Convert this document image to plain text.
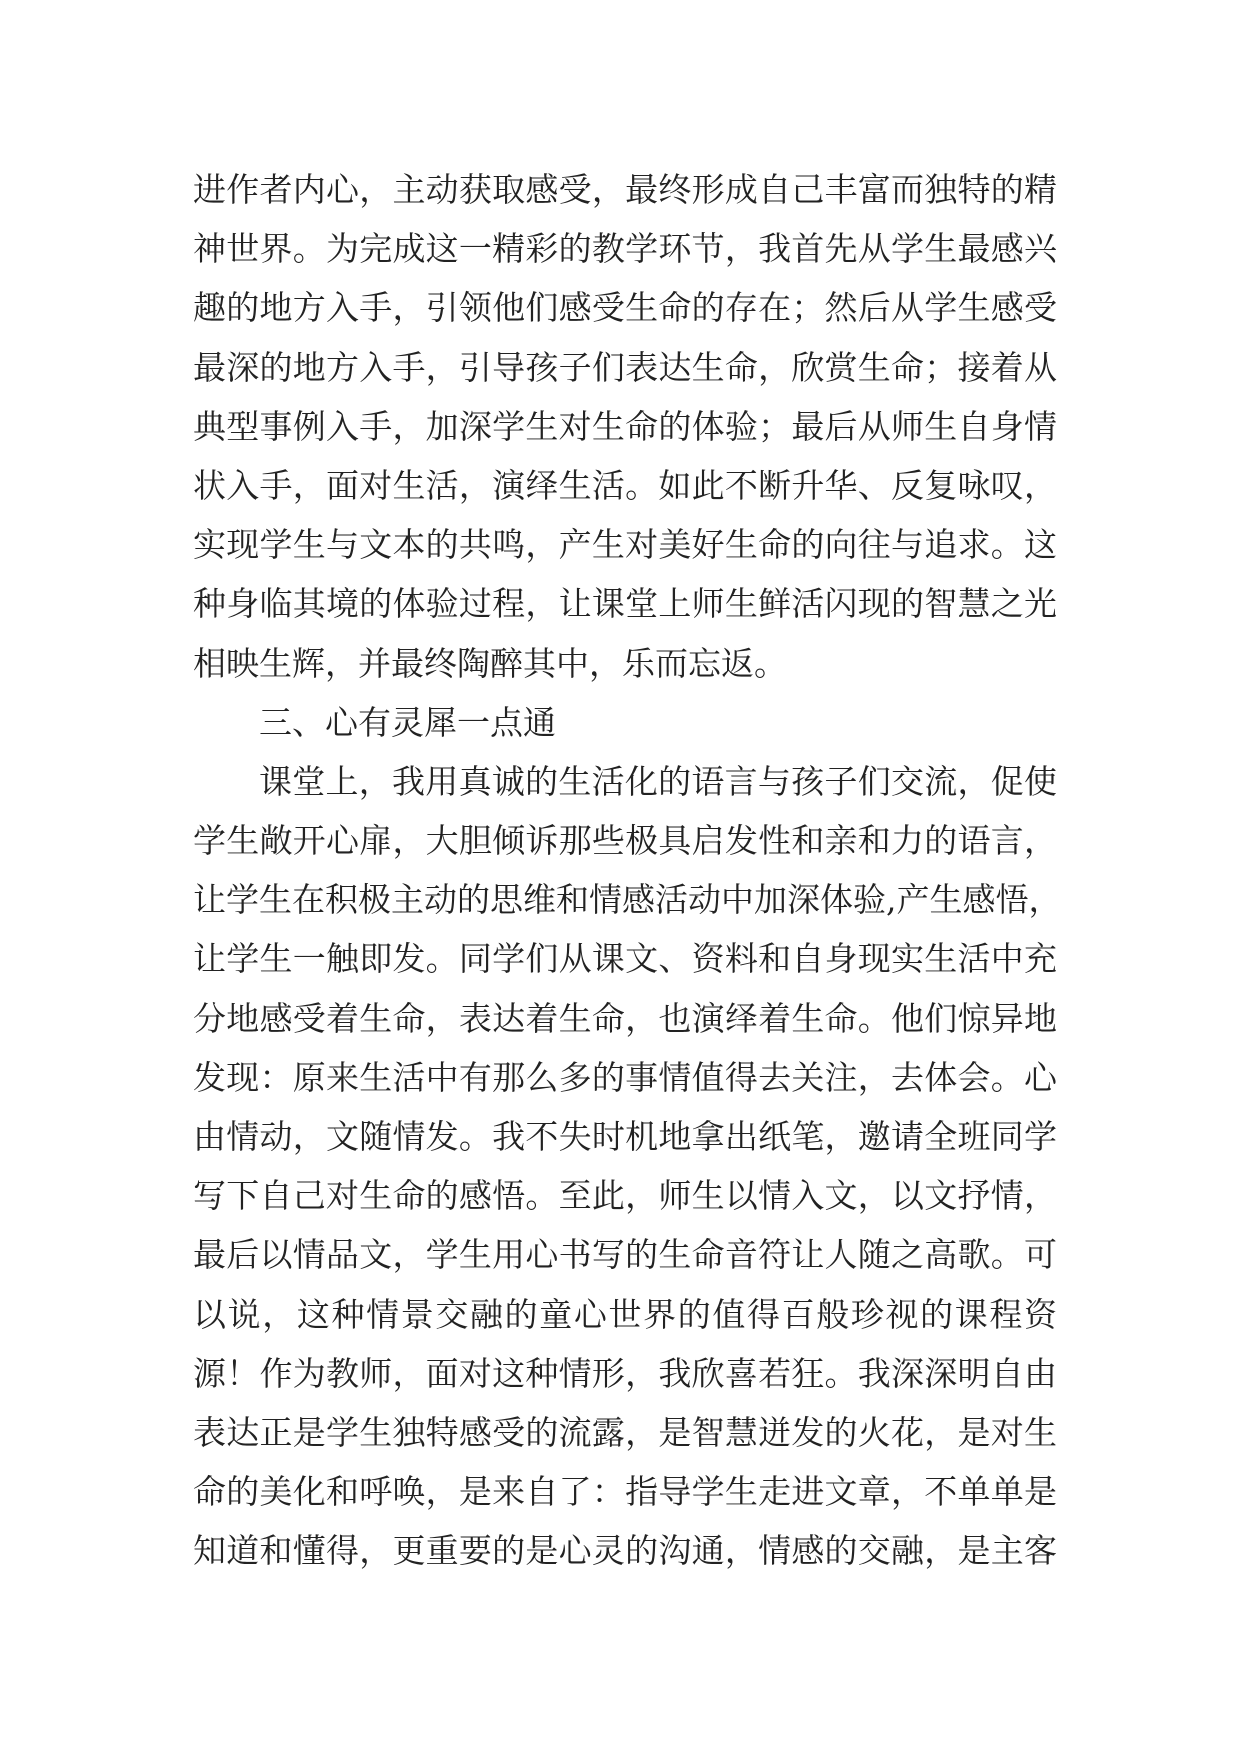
进作者内心，主动获取感受，最终形成自己丰富而独特的精
神世界。为完成这一精彩的教学环节，我首先从学生最感兴
趣的地方入手，引领他们感受生命的存在；然后从学生感受
最深的地方入手，引导孩子们表达生命，欣赏生命；接着从
典型事例入手，加深学生对生命的体验；最后从师生自身情
状入手，面对生活，演绎生活。如此不断升华、反复咏叹，
实现学生与文本的共鸣，产生对美好生命的向往与追求。这
种身临其境的体验过程，让课堂上师生鲜活闪现的智慧之光
相映生辉，并最终陶醉其中，乐而忘返。
三、心有灵犀一点通
课堂上，我用真诚的生活化的语言与孩子们交流，促使
学生敞开心扉，大胆倾诉那些极具启发性和亲和力的语言，
让学生在积极主动的思维和情感活动中加深体验,产生感悟，
让学生一触即发。同学们从课文、资料和自身现实生活中充
分地感受着生命，表达着生命，也演绎着生命。他们惊异地
发现：原来生活中有那么多的事情值得去关注，去体会。心
由情动，文随情发。我不失时机地拿出纸笔，邀请全班同学
写下自己对生命的感悟。至此，师生以情入文，以文抒情，
最后以情品文，学生用心书写的生命音符让人随之高歌。可
以说，这种情景交融的童心世界的值得百般珍视的课程资
源！作为教师，面对这种情形，我欣喜若狂。我深深明自由
表达正是学生独特感受的流露，是智慧迸发的火花，是对生
命的美化和呼唤，是来自了：指导学生走进文章，不单单是
知道和懂得，更重要的是心灵的沟通，情感的交融，是主客
